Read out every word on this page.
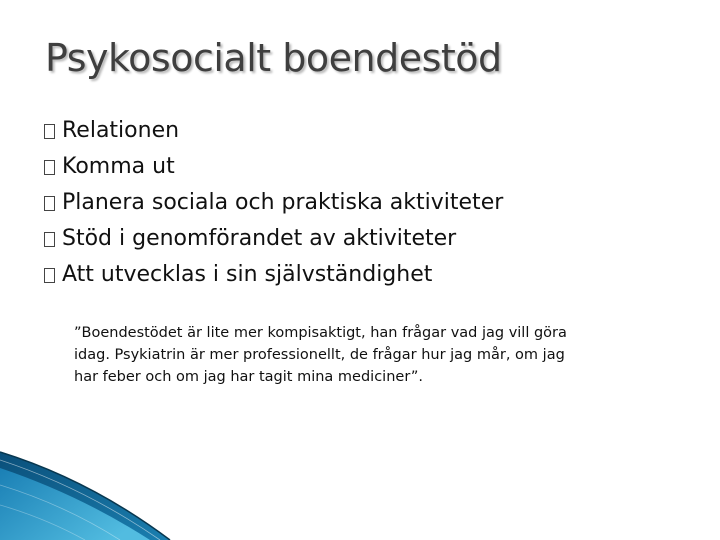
Psykosocialt boendestöd
Relationen
Komma ut
Planera sociala och praktiska aktiviteter
Stöd i genomförandet av aktiviteter
Att utvecklas i sin självständighet

”Boendestödet är lite mer kompisaktigt, han frågar vad jag vill göra
idag. Psykiatrin är mer professionellt, de frågar hur jag mår, om jag
har feber och om jag har tagit mina mediciner”.
